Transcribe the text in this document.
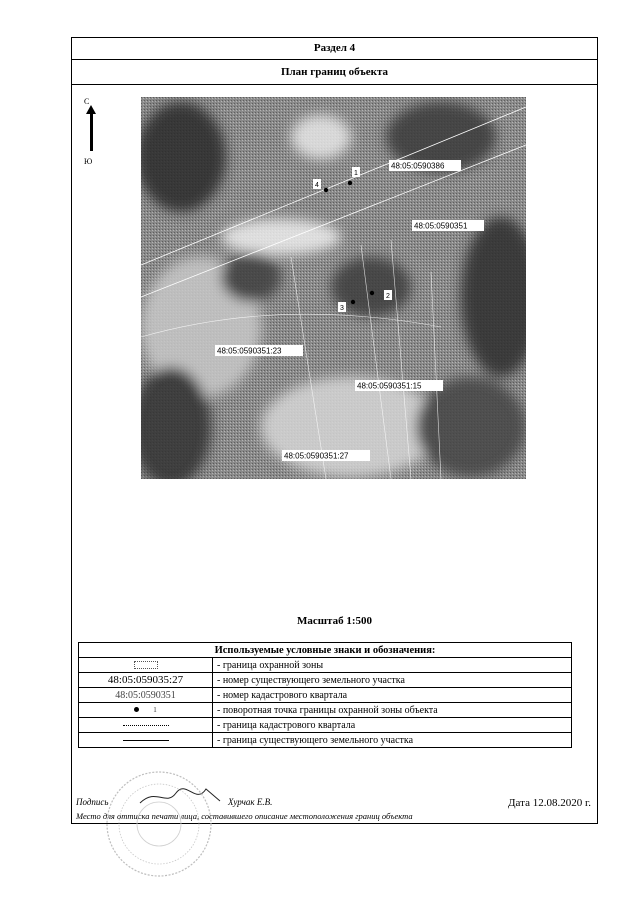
Раздел 4
План границ объекта
С
Ю
1
2
3
4
48:05:0590386
48:05:0590351
48:05:0590351:23
48:05:0590351:15
48:05:0590351:27
Масштаб 1:500
Используемые условные знаки и обозначения:	
	- граница охранной зоны
48:05:059035:27	- номер существующего земельного участка
48:05:0590351	- номер кадастрового квартала
1	- поворотная точка границы охранной зоны объекта
	- граница кадастрового квартала
	- граница существующего земельного участка
Подпись	Хурчак Е.В.	Дата 12.08.2020 г.
Место для оттиска печати лица, составившего описание местоположения границ объекта
